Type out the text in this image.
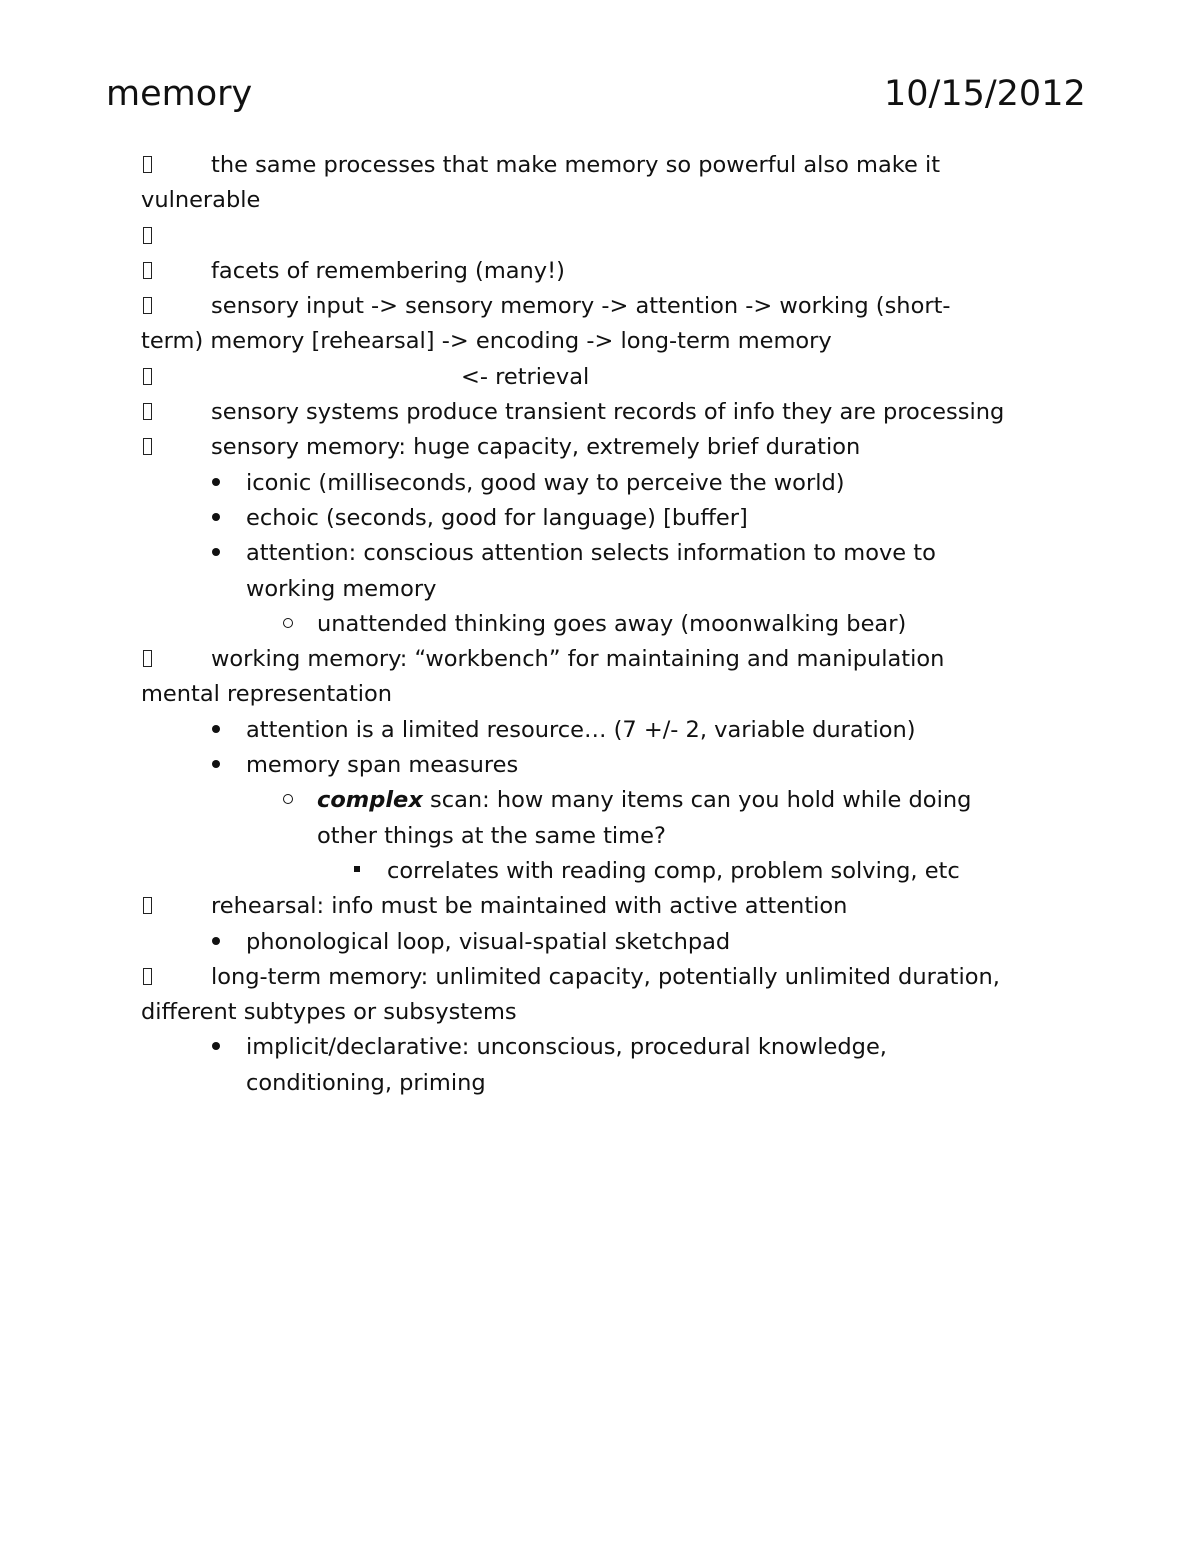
memory	10/15/2012
the same processes that make memory so powerful also make it
vulnerable
facets of remembering (many!)
sensory input -> sensory memory -> attention -> working (short-
term) memory [rehearsal] -> encoding -> long-term memory
<- retrieval
sensory systems produce transient records of info they are processing
sensory memory: huge capacity, extremely brief duration
iconic (milliseconds, good way to perceive the world)
echoic (seconds, good for language) [buffer]
attention: conscious attention selects information to move to
working memory
unattended thinking goes away (moonwalking bear)
working memory: “workbench” for maintaining and manipulation
mental representation
attention is a limited resource… (7 +/- 2, variable duration)
memory span measures
complex scan: how many items can you hold while doing
other things at the same time?
correlates with reading comp, problem solving, etc
rehearsal: info must be maintained with active attention
phonological loop, visual-spatial sketchpad
long-term memory: unlimited capacity, potentially unlimited duration,
different subtypes or subsystems
implicit/declarative: unconscious, procedural knowledge,
conditioning, priming
